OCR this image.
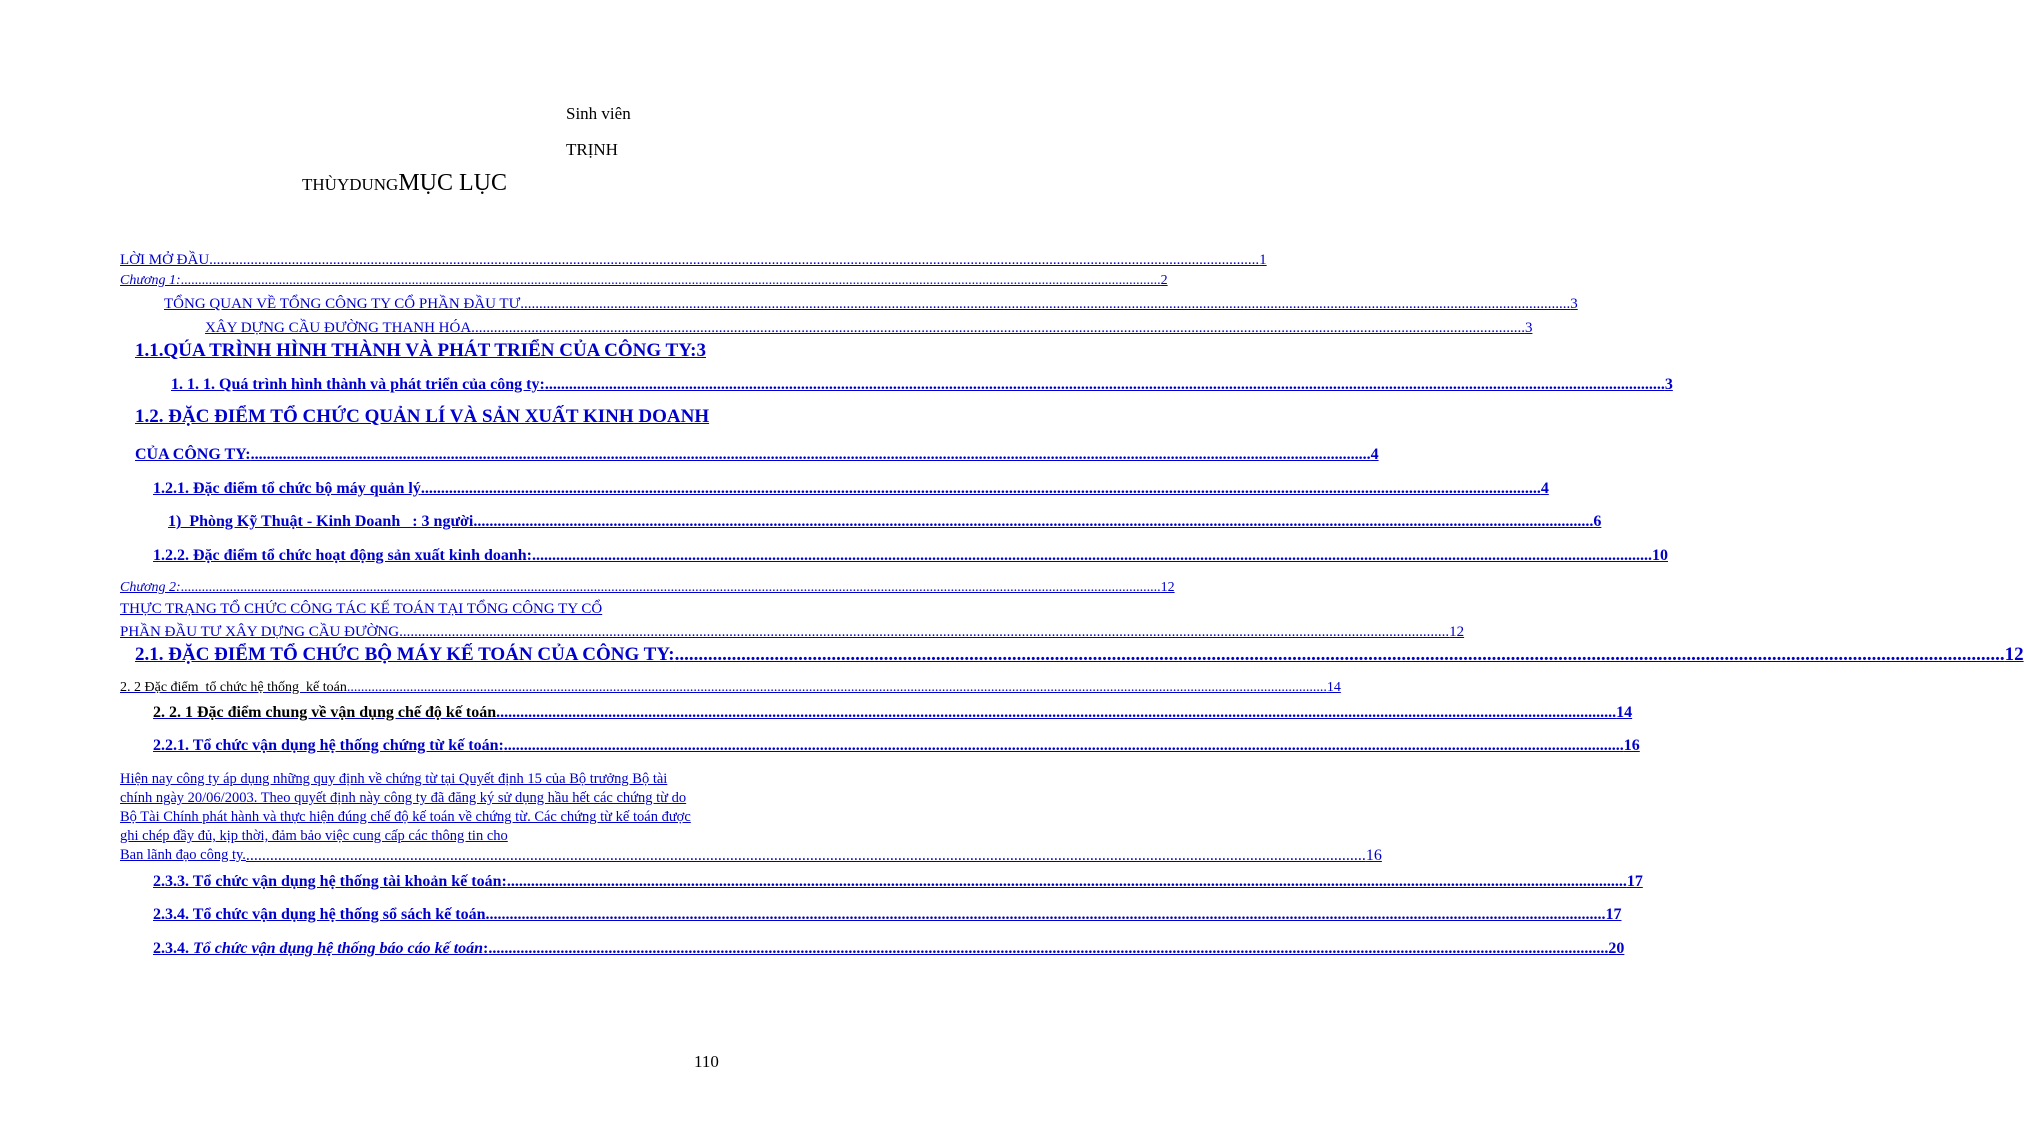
Sinh viên
TRỊNH
THÙYDUNGMỤC LỤC
LỜI MỞ ĐẦU .....	1
Chương 1: .....	2
TỔNG QUAN VỀ TỔNG CÔNG TY CỔ PHẦN ĐẦU TƯ .....	3
XÂY DỰNG CẦU ĐƯỜNG THANH HÓA. .....	3
1.1.QÚA TRÌNH HÌNH THÀNH VÀ PHÁT TRIỂN CỦA CÔNG TY: 3
1. 1. 1. Quá trình hình thành và phát triển của công ty: .....	3
1.2. ĐẶC ĐIỂM TỔ CHỨC QUẢN LÍ VÀ SẢN XUẤT KINH DOANH
CỦA CÔNG TY: .....	4
1.2.1. Đặc điểm tổ chức bộ máy quản lý .....	4
1)  Phòng Kỹ Thuật - Kinh Doanh   : 3 người .....	6
1.2.2. Đặc điểm tổ chức hoạt động sản xuất kinh doanh: .....	10
Chương 2: .....	12
THỰC TRẠNG TỔ CHỨC CÔNG TÁC KẾ TOÁN TẠI TỔNG CÔNG TY CỔ
PHẦN ĐẦU TƯ XÂY DỰNG CẦU ĐƯỜNG .....	12
2.1. ĐẶC ĐIỂM TỔ CHỨC BỘ MÁY KẾ TOÁN CỦA CÔNG TY: .....	12
2. 2 Đặc điểm  tổ chức hệ thống  kế toán .....	14
2. 2. 1 Đặc điểm chung về vận dụng chế độ kế toán .....	14
2.2.1. Tổ chức vận dụng hệ thống chứng từ kế toán: .....	16
Hiện nay công ty áp dụng những quy định về chứng từ tại Quyết định 15 của Bộ trưởng Bộ tài chính ngày 20/06/2003. Theo quyết định này công ty đã đăng ký sử dụng hầu hết các chứng từ do Bộ Tài Chính phát hành và thực hiện đúng chế độ kế toán về chứng từ. Các chứng từ kế toán được ghi chép đầy đủ, kịp thời, đảm bảo việc cung cấp các thông tin cho
Ban lãnh đạo công ty. .....	16
2.3.3. Tổ chức vận dụng hệ thống tài khoản kế toán: .....	17
2.3.4. Tổ chức vận dụng hệ thống sổ sách kế toán .....	17
2.3.4. Tổ chức vận dụng hệ thống báo cáo kế toán : .....	20
110
